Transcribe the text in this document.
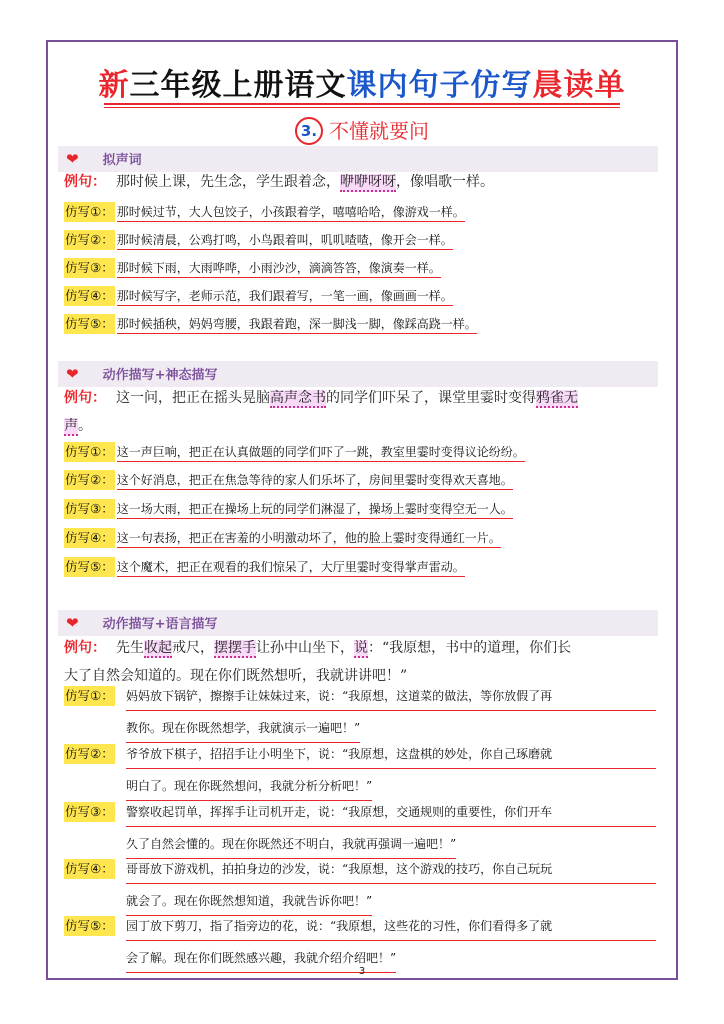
新三年级上册语文课内句子仿写晨读单
3. 不懂就要问
❤ 拟声词
例句： 那时候上课，先生念，学生跟着念，咿咿呀呀，像唱歌一样。
仿写①： 那时候过节，大人包饺子，小孩跟着学，嘻嘻哈哈，像游戏一样。
仿写②： 那时候清晨，公鸡打鸣，小鸟跟着叫，叽叽喳喳，像开会一样。
仿写③： 那时候下雨，大雨哗哗，小雨沙沙，滴滴答答，像演奏一样。
仿写④： 那时候写字，老师示范，我们跟着写，一笔一画，像画画一样。
仿写⑤： 那时候插秧，妈妈弯腰，我跟着跑，深一脚浅一脚，像踩高跷一样。
❤ 动作描写+神态描写
例句： 这一问，把正在摇头晃脑高声念书的同学们吓呆了，课堂里霎时变得鸦雀无
声。
仿写①： 这一声巨响，把正在认真做题的同学们吓了一跳，教室里霎时变得议论纷纷。
仿写②： 这个好消息，把正在焦急等待的家人们乐坏了，房间里霎时变得欢天喜地。
仿写③： 这一场大雨，把正在操场上玩的同学们淋湿了，操场上霎时变得空无一人。
仿写④： 这一句表扬，把正在害羞的小明激动坏了，他的脸上霎时变得通红一片。
仿写⑤： 这个魔术，把正在观看的我们惊呆了，大厅里霎时变得掌声雷动。
❤ 动作描写+语言描写
例句： 先生收起戒尺，摆摆手让孙中山坐下，说：“我原想，书中的道理，你们长
大了自然会知道的。现在你们既然想听，我就讲讲吧！”
仿写①： 妈妈放下锅铲，擦擦手让妹妹过来，说：“我原想，这道菜的做法，等你放假了再
教你。现在你既然想学，我就演示一遍吧！”
仿写②： 爷爷放下棋子，招招手让小明坐下，说：“我原想，这盘棋的妙处，你自己琢磨就
明白了。现在你既然想问，我就分析分析吧！”
仿写③： 警察收起罚单，挥挥手让司机开走，说：“我原想，交通规则的重要性，你们开车
久了自然会懂的。现在你既然还不明白，我就再强调一遍吧！”
仿写④： 哥哥放下游戏机，拍拍身边的沙发，说：“我原想，这个游戏的技巧，你自己玩玩
就会了。现在你既然想知道，我就告诉你吧！”
仿写⑤： 园丁放下剪刀，指了指旁边的花，说：“我原想，这些花的习性，你们看得多了就
会了解。现在你们既然感兴趣，我就介绍介绍吧！”
3
